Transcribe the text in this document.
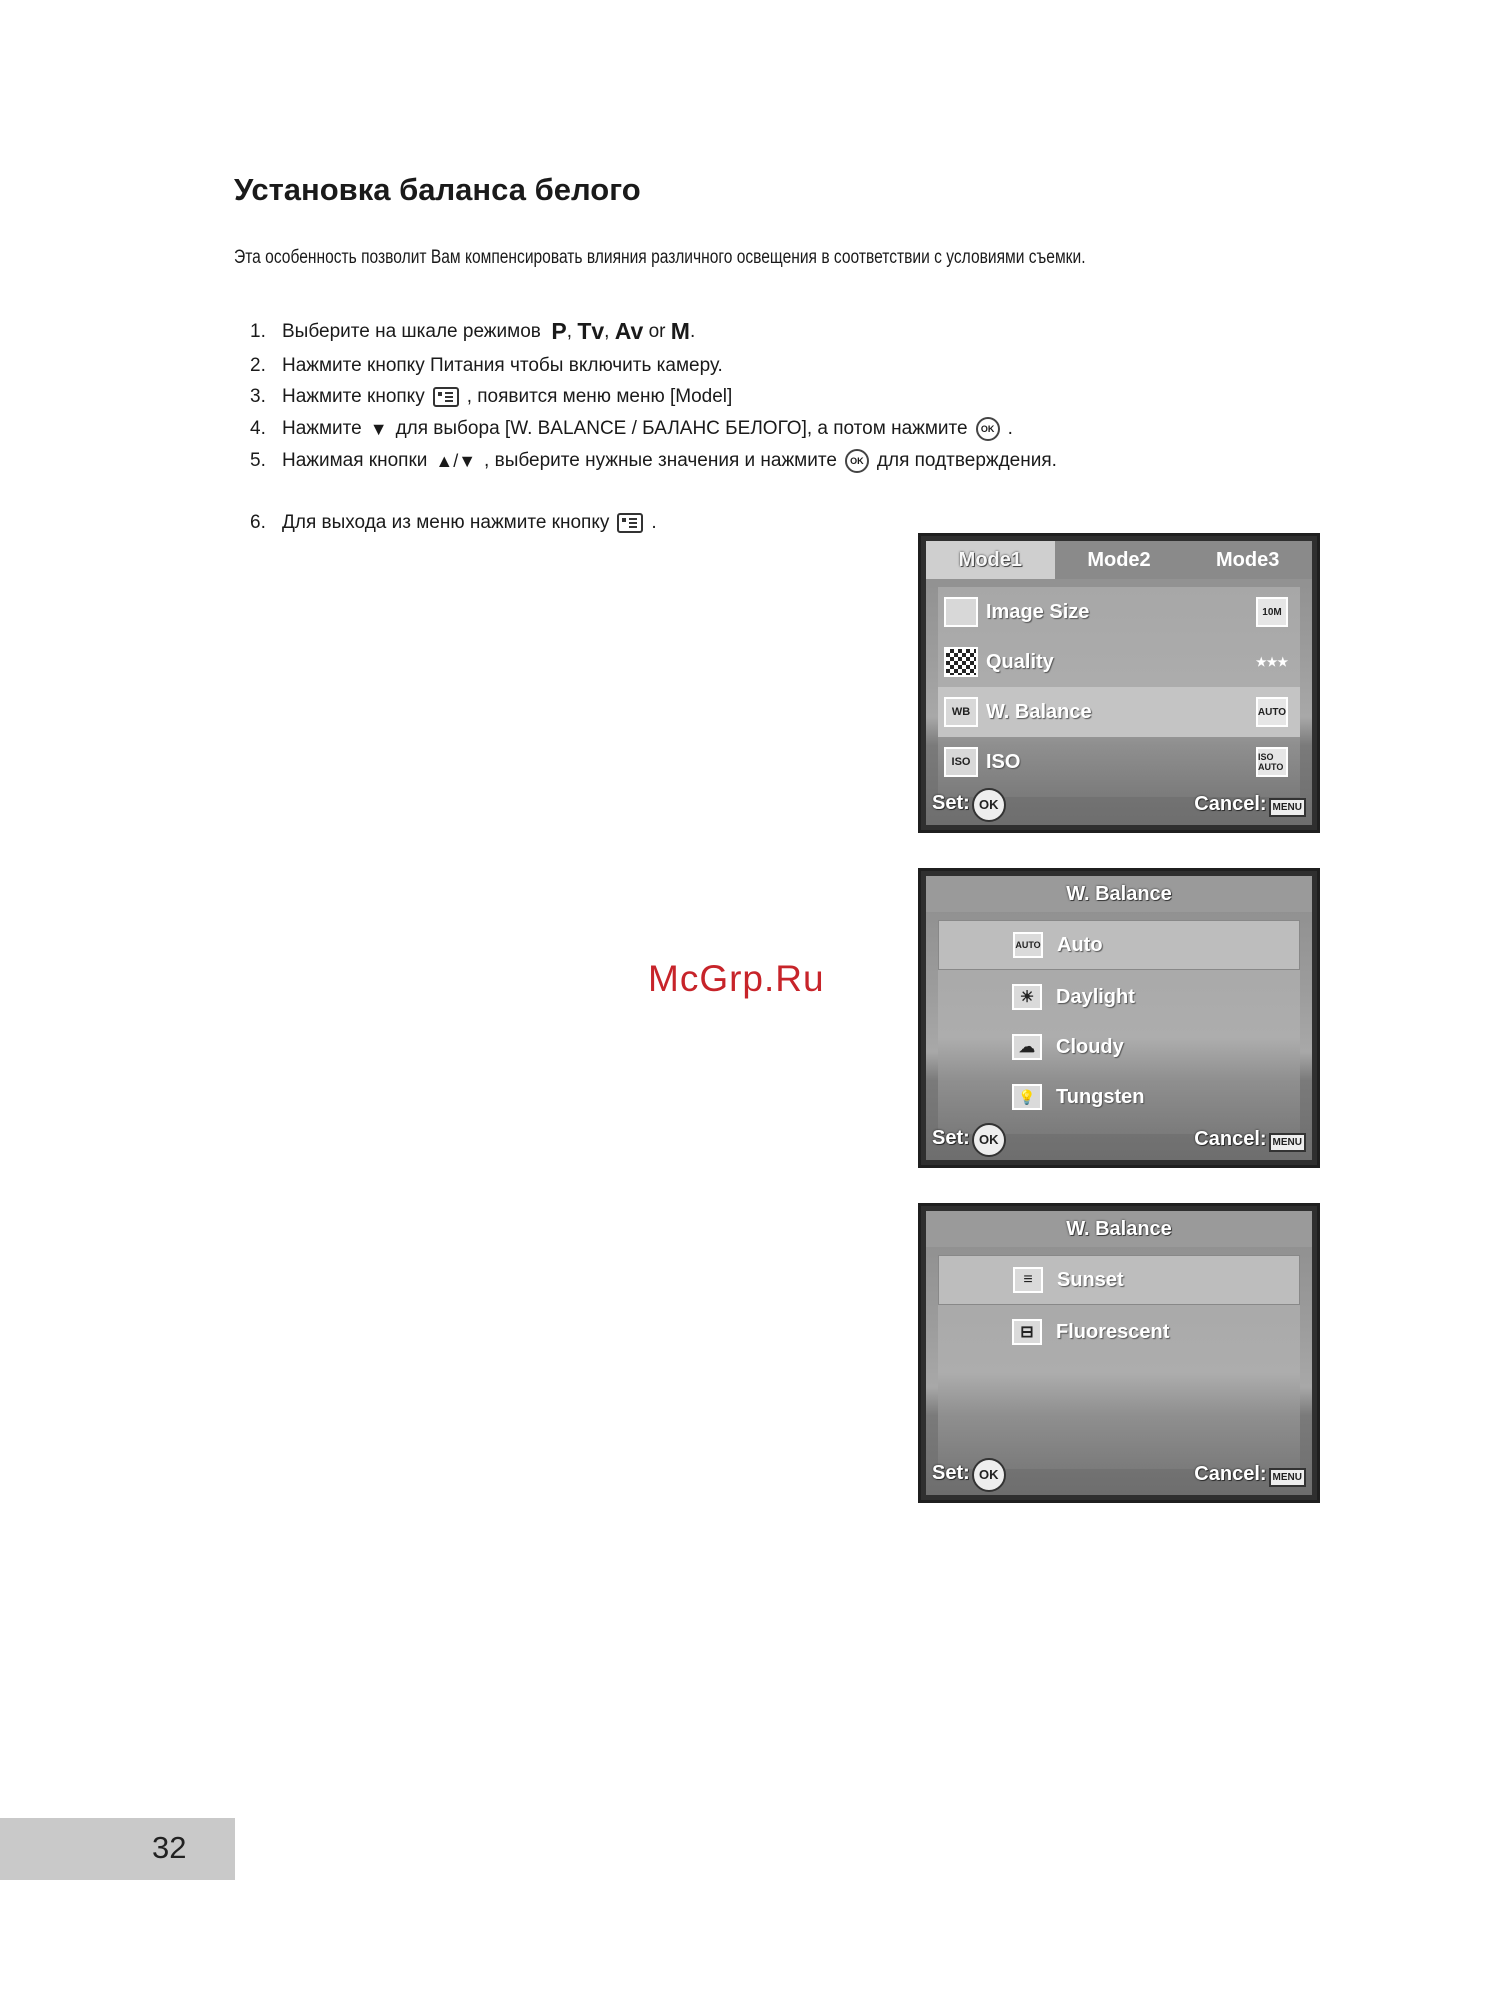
Установка баланса белого
Эта особенность позволит Вам компенсировать влияния различного освещения в соответствии с условиями съемки.
1. Выберите на шкале режимов
P , Tv , Av
or
M .
2. Нажмите кнопку Питания чтобы включить камеру.
3. Нажмите кнопку , появится меню меню [Model]
4. Нажмите ▼ для выбора [W. BALANCE / БАЛАНС БЕЛОГО], а потом нажмите	OK .
5. Нажимая кнопки ▲/▼ , выберите нужные значения и нажмите	OK для подтверждения.
6. Для выхода из меню нажмите кнопку .
Mode1	Mode2	Mode3
Image Size	10M
Quality	★★★
WB W. Balance	AUTO
ISO ISO	ISO AUTO
Set: OK	Cancel: MENU
W. Balance
AUTO Auto
☀	Daylight
☁	Cloudy
💡	Tungsten
Set: OK	Cancel: MENU
W. Balance
≡	Sunset
⊟	Fluorescent
Set: OK	Cancel: MENU
McGrp.Ru
32
